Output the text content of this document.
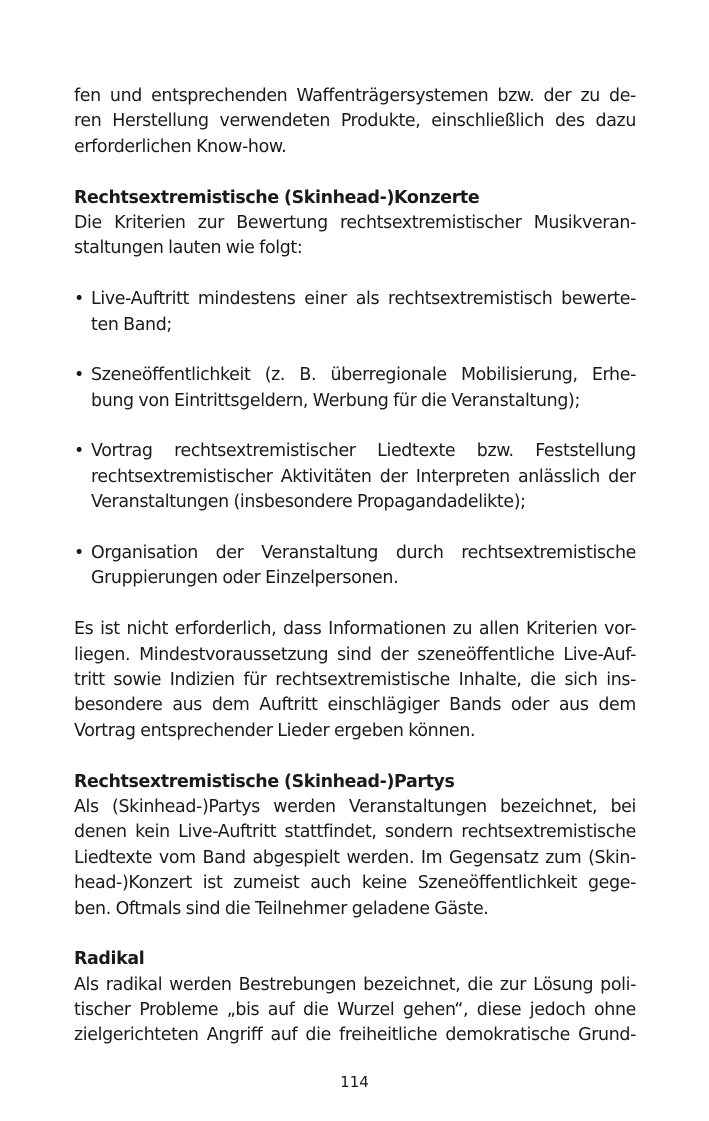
fen und entsprechenden Waffenträgersystemen bzw. der zu de-
ren Herstellung verwendeten Produkte, einschließlich des dazu
erforderlichen Know-how.
Rechtsextremistische (Skinhead-)Konzerte
Die Kriterien zur Bewertung rechtsextremistischer Musikveran-
staltungen lauten wie folgt:
• Live-Auftritt mindestens einer als rechtsextremistisch bewerte-
ten Band;
• Szeneöffentlichkeit (z. B. überregionale Mobilisierung, Erhe-
bung von Eintrittsgeldern, Werbung für die Veranstaltung);
• Vortrag rechtsextremistischer Liedtexte bzw. Feststellung
rechtsextremistischer Aktivitäten der Interpreten anlässlich der
Veranstaltungen (insbesondere Propagandadelikte);
• Organisation der Veranstaltung durch rechtsextremistische
Gruppierungen oder Einzelpersonen.
Es ist nicht erforderlich, dass Informationen zu allen Kriterien vor-
liegen. Mindestvoraussetzung sind der szeneöffentliche Live-Auf-
tritt sowie Indizien für rechtsextremistische Inhalte, die sich ins-
besondere aus dem Auftritt einschlägiger Bands oder aus dem
Vortrag entsprechender Lieder ergeben können.
Rechtsextremistische (Skinhead-)Partys
Als (Skinhead-)Partys werden Veranstaltungen bezeichnet, bei
denen kein Live-Auftritt stattfindet, sondern rechtsextremistische
Liedtexte vom Band abgespielt werden. Im Gegensatz zum (Skin-
head-)Konzert ist zumeist auch keine Szeneöffentlichkeit gege-
ben. Oftmals sind die Teilnehmer geladene Gäste.
Radikal
Als radikal werden Bestrebungen bezeichnet, die zur Lösung poli-
tischer Probleme „bis auf die Wurzel gehen“, diese jedoch ohne
zielgerichteten Angriff auf die freiheitliche demokratische Grund-
114
